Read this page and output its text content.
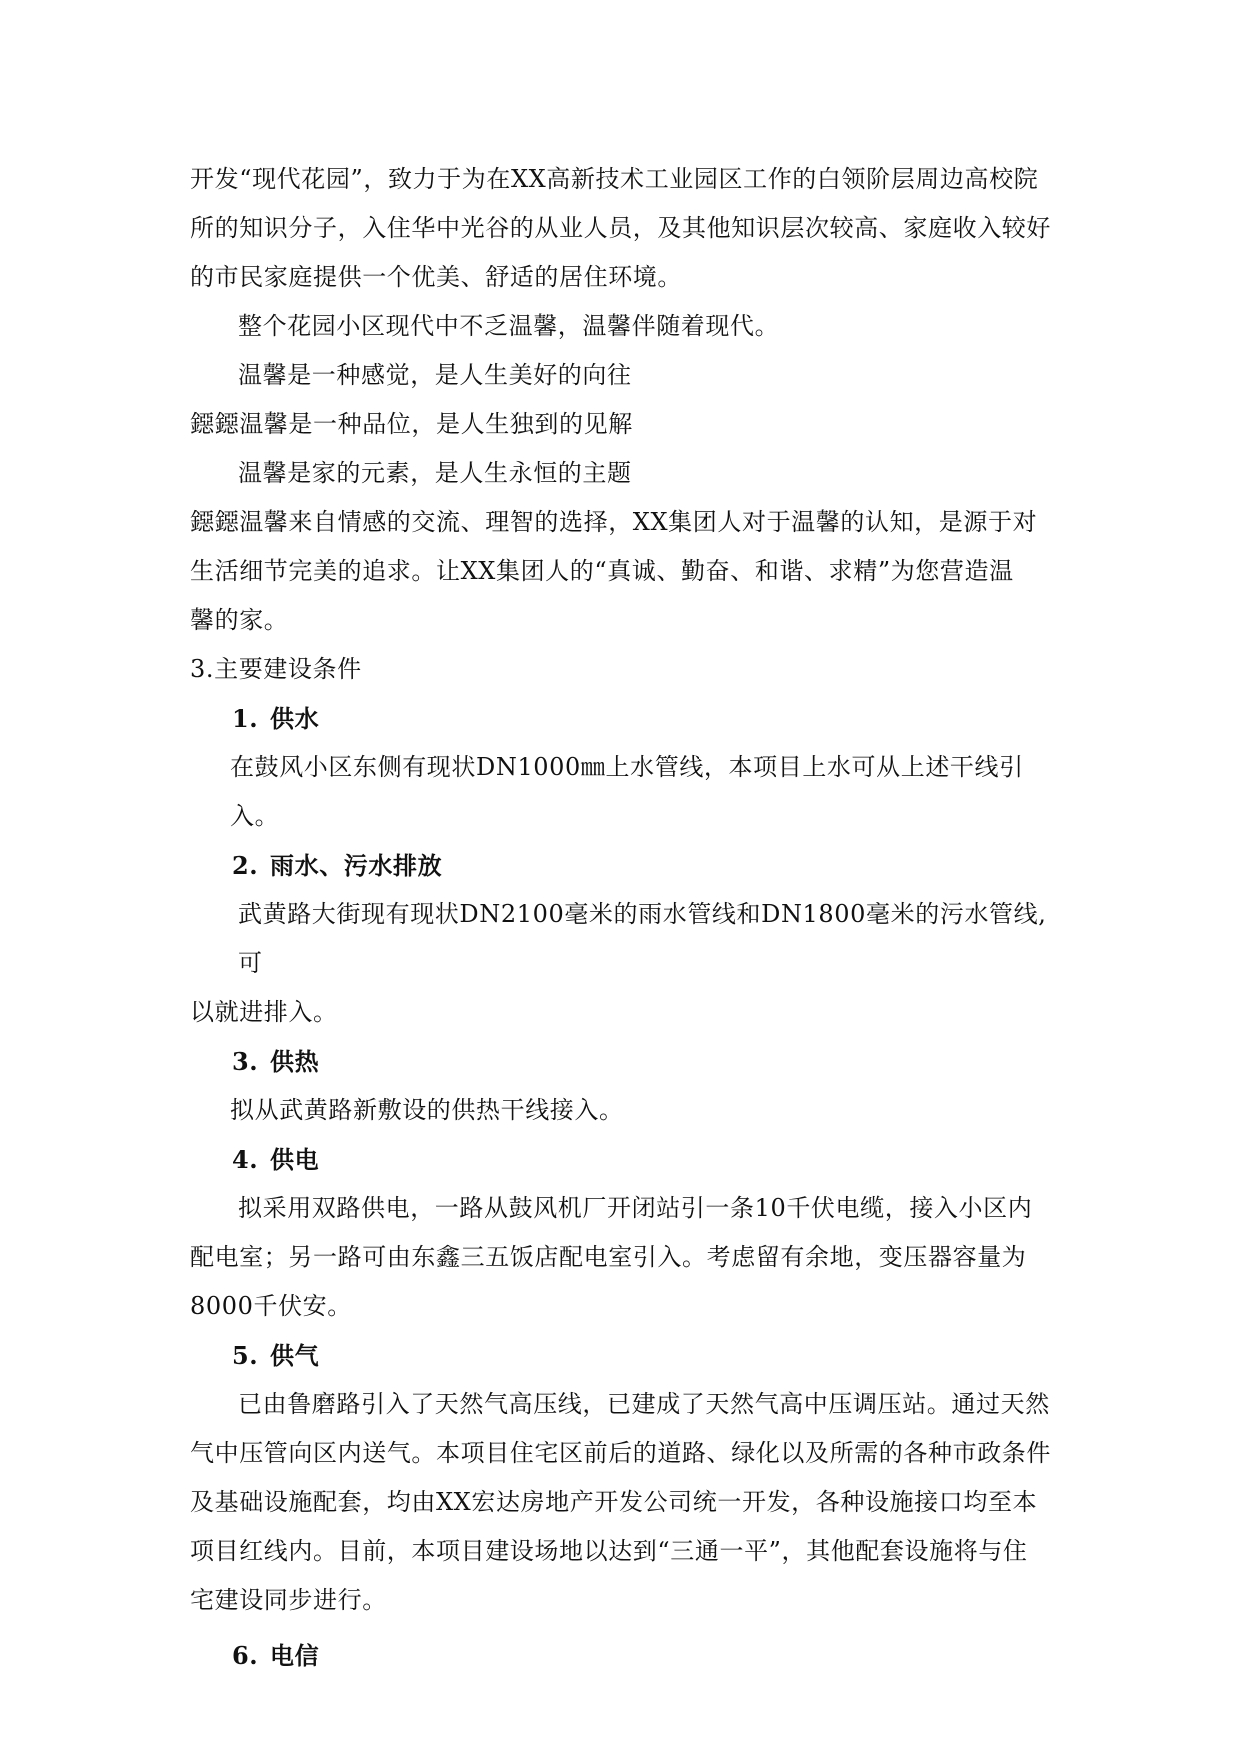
开发“现代花园”，致力于为在XX高新技术工业园区工作的白领阶层周边高校院

所的知识分子，入住华中光谷的从业人员，及其他知识层次较高、家庭收入较好

的市民家庭提供一个优美、舒适的居住环境。

整个花园小区现代中不乏温馨，温馨伴随着现代。

温馨是一种感觉，是人生美好的向往

鐚鐚温馨是一种品位，是人生独到的见解

温馨是家的元素，是人生永恒的主题

鐚鐚温馨来自情感的交流、理智的选择，XX集团人对于温馨的认知，是源于对

生活细节完美的追求。让XX集团人的“真诚、勤奋、和谐、求精”为您营造温

馨的家。

3.主要建设条件

1. 供水

在鼓风小区东侧有现状DN1000㎜上水管线，本项目上水可从上述干线引入。

2. 雨水、污水排放

武黄路大街现有现状DN2100毫米的雨水管线和DN1800毫米的污水管线,可

以就进排入。

3. 供热

拟从武黄路新敷设的供热干线接入。

4. 供电

拟采用双路供电，一路从鼓风机厂开闭站引一条10千伏电缆，接入小区内

配电室；另一路可由东鑫三五饭店配电室引入。考虑留有余地，变压器容量为

8000千伏安。

5. 供气

已由鲁磨路引入了天然气高压线，已建成了天然气高中压调压站。通过天然

气中压管向区内送气。本项目住宅区前后的道路、绿化以及所需的各种市政条件

及基础设施配套，均由XX宏达房地产开发公司统一开发，各种设施接口均至本

项目红线内。目前，本项目建设场地以达到“三通一平”，其他配套设施将与住

宅建设同步进行。

6. 电信
